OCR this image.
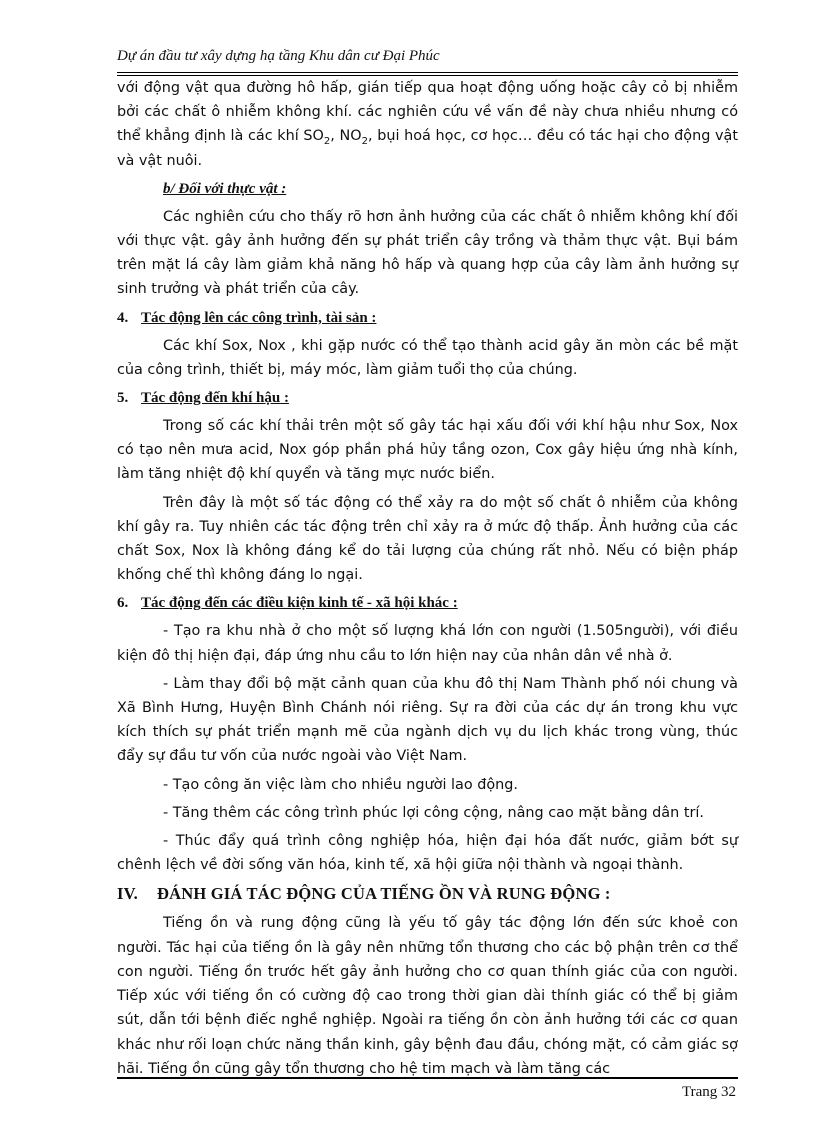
Dự án đầu tư xây dựng hạ tầng Khu dân cư Đại Phúc

với động vật qua đường hô hấp, gián tiếp qua hoạt động uống hoặc cây cỏ bị nhiễm bởi các chất ô nhiễm không khí. các nghiên cứu về vấn đề này chưa nhiều nhưng có thể khẳng định là các khí $SO_2$, $NO_2$, bụi hoá học, cơ học… đều có tác hại cho động vật và vật nuôi.

b/ Đối với thực vật :

Các nghiên cứu cho thấy rõ hơn ảnh hưởng của các chất ô nhiễm không khí đối với thực vật. gây ảnh hưởng đến sự phát triển cây trồng và thảm thực vật. Bụi bám trên mặt lá cây làm giảm khả năng hô hấp và quang hợp của cây làm ảnh hưởng sự sinh trưởng và phát triển của cây.

4. Tác động lên các công trình, tài sản :

Các khí Sox, Nox , khi gặp nước có thể tạo thành acid gây ăn mòn các bề mặt của công trình, thiết bị, máy móc, làm giảm tuổi thọ của chúng.

5. Tác động đến khí hậu :

Trong số các khí thải trên một số gây tác hại xấu đối với khí hậu như Sox, Nox có tạo nên mưa acid, Nox góp phần phá hủy tầng ozon, Cox gây hiệu ứng nhà kính, làm tăng nhiệt độ khí quyển và tăng mực nước biển.

Trên đây là một số tác động có thể xảy ra do một số chất ô nhiễm của không khí gây ra. Tuy nhiên các tác động trên chỉ xảy ra ở mức độ thấp. Ảnh hưởng của các chất Sox, Nox là không đáng kể do tải lượng của chúng rất nhỏ. Nếu có biện pháp khống chế thì không đáng lo ngại.

6. Tác động đến các điều kiện kinh tế - xã hội khác :

- Tạo ra khu nhà ở cho một số lượng khá lớn con người (1.505người), với điều kiện đô thị hiện đại, đáp ứng nhu cầu to lớn hiện nay của nhân dân về nhà ở.

- Làm thay đổi bộ mặt cảnh quan của khu đô thị Nam Thành phố nói chung và Xã Bình Hưng, Huyện Bình Chánh nói riêng. Sự ra đời của các dự án trong khu vực kích thích sự phát triển mạnh mẽ của ngành dịch vụ du lịch khác trong vùng, thúc đẩy sự đầu tư vốn của nước ngoài vào Việt Nam.

- Tạo công ăn việc làm cho nhiều người lao động.

- Tăng thêm các công trình phúc lợi công cộng, nâng cao mặt bằng dân trí.

- Thúc đẩy quá trình công nghiệp hóa, hiện đại hóa đất nước, giảm bớt sự chênh lệch về đời sống văn hóa, kinh tế, xã hội giữa nội thành và ngoại thành.

IV. ĐÁNH GIÁ TÁC ĐỘNG CỦA TIẾNG ỒN VÀ RUNG ĐỘNG :

Tiếng ồn và rung động cũng là yếu tố gây tác động lớn đến sức khoẻ con người. Tác hại của tiếng ồn là gây nên những tổn thương cho các bộ phận trên cơ thể con người. Tiếng ồn trước hết gây ảnh hưởng cho cơ quan thính giác của con người. Tiếp xúc với tiếng ồn có cường độ cao trong thời gian dài thính giác có thể bị giảm sút, dẫn tới bệnh điếc nghề nghiệp. Ngoài ra tiếng ồn còn ảnh hưởng tới các cơ quan khác như rối loạn chức năng thần kinh, gây bệnh đau đầu, chóng mặt, có cảm giác sợ hãi. Tiếng ồn cũng gây tổn thương cho hệ tim mạch và làm tăng các

Trang 32
